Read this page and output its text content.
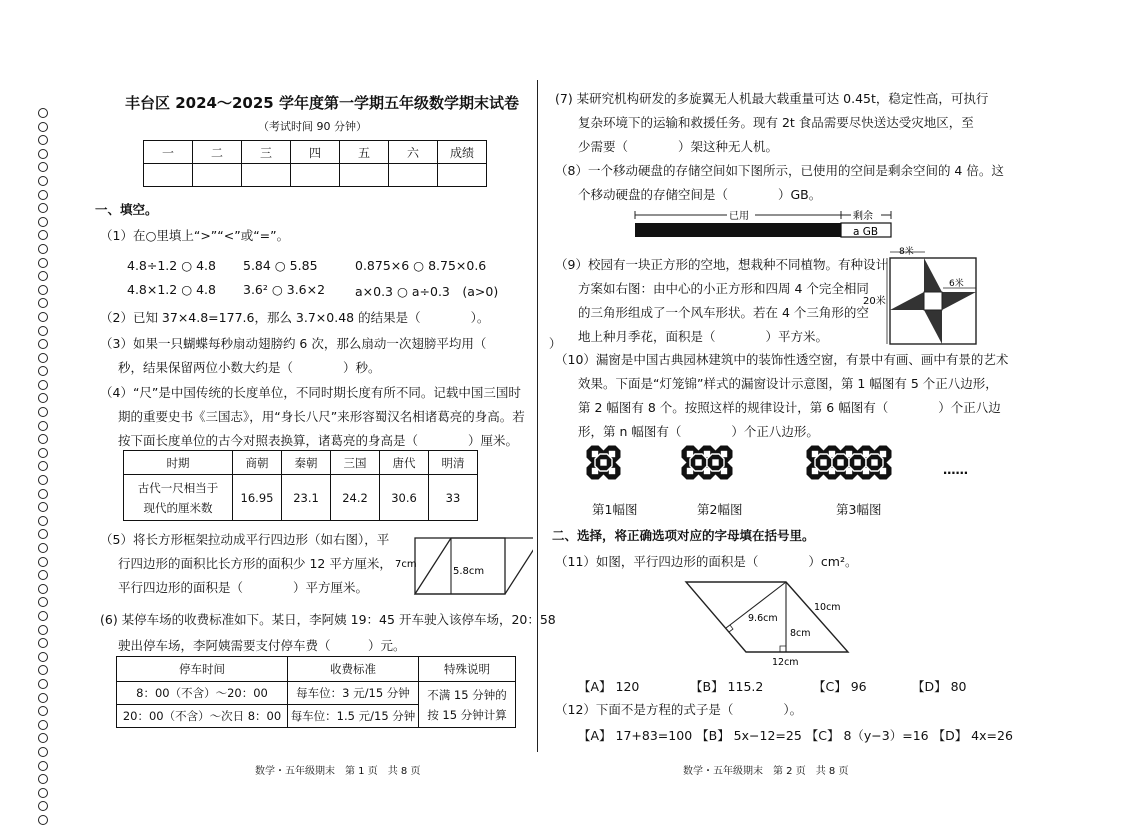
丰台区 2024～2025 学年度第一学期五年级数学期末试卷
（考试时间 90 分钟）
一	二	三	四	五	六	成绩

一、填空。
（1）在○里填上“>”“<”或“=”。
4.8÷1.2 ○ 4.8 5.84̇ ○ 5.85	0.875×6 ○ 8.75×0.6
4.8×1.2 ○ 4.8 3.6² ○ 3.6×2 a×0.3 ○ a÷0.3　(a>0)
（2）已知 37×4.8=177.6，那么 3.7×0.48 的结果是（　　　　）。
（3）如果一只蝴蝶每秒扇动翅膀约 6 次，那么扇动一次翅膀平均用（　　　　　）
秒，结果保留两位小数大约是（　　　　）秒。
（4）“尺”是中国传统的长度单位，不同时期长度有所不同。记载中国三国时
期的重要史书《三国志》，用“身长八尺”来形容蜀汉名相诸葛亮的身高。若
按下面长度单位的古今对照表换算，诸葛亮的身高是（　　　　）厘米。
时期	商朝	秦朝	三国	唐代	明清

古代一尺相当于
现代的厘米数	16.95	23.1	24.2	30.6	33
（5）将长方形框架拉动成平行四边形（如右图），平
行四边形的面积比长方形的面积少 12 平方厘米，
平行四边形的面积是（　　　　）平方厘米。
7cm
5.8cm
(6) 某停车场的收费标准如下。某日，李阿姨 19：45 开车驶入该停车场，20：58
驶出停车场，李阿姨需要支付停车费（　　　）元。
停车时间	收费标准	特殊说明
8：00（不含）～20：00	每车位：3 元/15 分钟	不满 15 分钟的
按 15 分钟计算

20：00（不含）～次日 8：00	每车位：1.5 元/15 分钟	
数学・五年级期末　第 1 页　共 8 页
(7) 某研究机构研发的多旋翼无人机最大载重量可达 0.45t，稳定性高，可执行
复杂环境下的运输和救援任务。现有 2t 食品需要尽快送达受灾地区，至
少需要（　　　　）架这种无人机。
（8）一个移动硬盘的存储空间如下图所示，已使用的空间是剩余空间的 4 倍。这
个移动硬盘的存储空间是（　　　　）GB。
已用	剩余
a GB
（9）校园有一块正方形的空地，想栽种不同植物。有种设计
方案如右图：由中心的小正方形和四周 4 个完全相同
的三角形组成了一个风车形状。若在 4 个三角形的空
地上种月季花，面积是（　　　　）平方米。
20米
8米
6米
（10）漏窗是中国古典园林建筑中的装饰性透空窗，有景中有画、画中有景的艺术
效果。下面是“灯笼锦”样式的漏窗设计示意图，第 1 幅图有 5 个正八边形，
第 2 幅图有 8 个。按照这样的规律设计，第 6 幅图有（　　　　）个正八边
形，第 n 幅图有（　　　　）个正八边形。
……
第1幅图	第2幅图	第3幅图
二、选择，将正确选项对应的字母填在括号里。
（11）如图，平行四边形的面积是（　　　　）cm²。
9.6cm
10cm
8cm
12cm
【A】 120	【B】 115.2	【C】 96	【D】 80
（12）下面不是方程的式子是（　　　　）。
【A】 17+83=100 【B】 5x−12=25 【C】 8（y−3）=16 【D】 4x=26
数学・五年级期末　第 2 页　共 8 页
